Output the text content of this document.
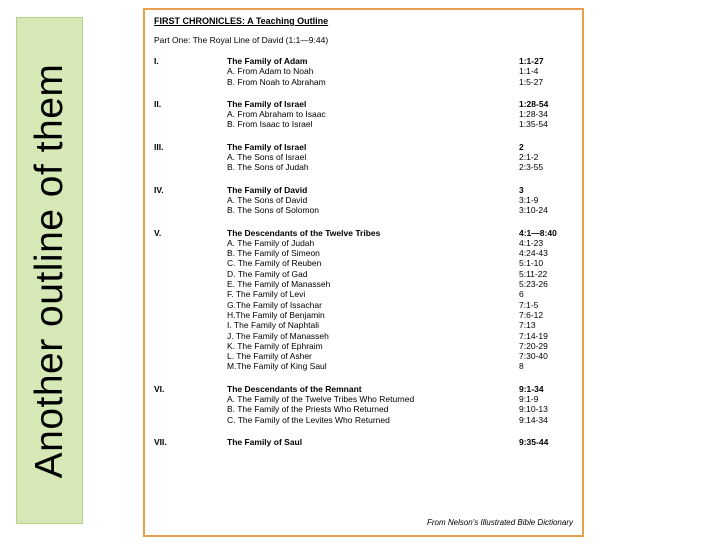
Another outline of them
FIRST CHRONICLES: A Teaching Outline
Part One: The Royal Line of David (1:1—9:44)
I.	The Family of Adam	1:1-27
A. From Adam to Noah	1:1-4
B. From Noah to Abraham	1:5-27
II.	The Family of Israel	1:28-54
A. From Abraham to Isaac	1:28-34
B. From Isaac to Israel	1:35-54
III.	The Family of Israel	2
A. The Sons of Israel	2:1-2
B. The Sons of Judah	2:3-55
IV.	The Family of David	3
A. The Sons of David	3:1-9
B. The Sons of Solomon	3:10-24
V.	The Descendants of the Twelve Tribes	4:1—8:40
A. The Family of Judah	4:1-23
B. The Family of Simeon	4:24-43
C. The Family of Reuben	5:1-10
D. The Family of Gad	5:11-22
E. The Family of Manasseh	5:23-26
F. The Family of Levi	6
G.The Family of Issachar	7:1-5
H.The Family of Benjamin	7:6-12
I. The Family of Naphtali	7:13
J. The Family of Manasseh	7:14-19
K. The Family of Ephraim	7:20-29
L. The Family of Asher	7:30-40
M.The Family of King Saul	8
VI.	The Descendants of the Remnant	9:1-34
A. The Family of the Twelve Tribes Who Returned	9:1-9
B. The Family of the Priests Who Returned	9:10-13
C. The Family of the Levites Who Returned	9:14-34
VII.	The Family of Saul	9:35-44
From Nelson's Illustrated Bible Dictionary
